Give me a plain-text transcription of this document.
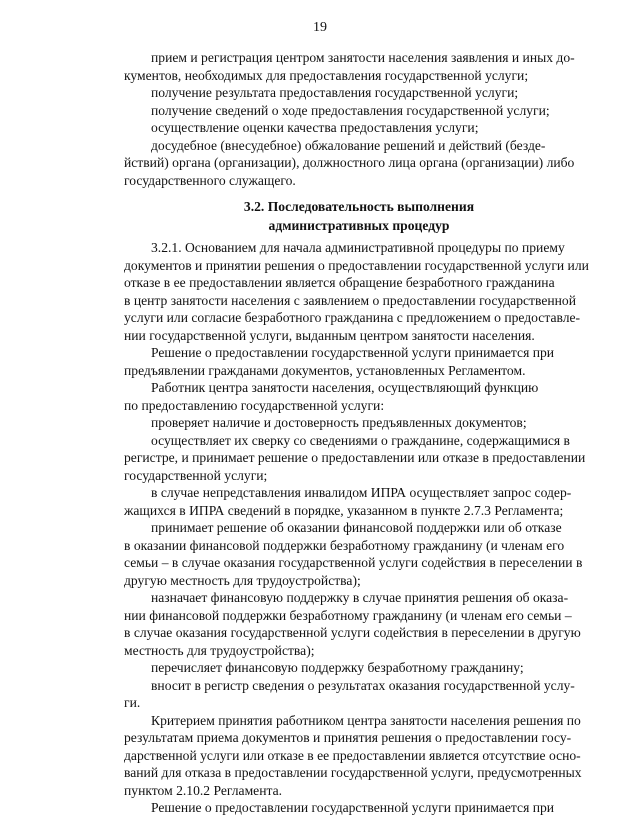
19
прием и регистрация центром занятости населения заявления и иных до-
кументов, необходимых для предоставления государственной услуги;
получение результата предоставления государственной услуги;
получение сведений о ходе предоставления государственной услуги;
осуществление оценки качества предоставления услуги;
досудебное (внесудебное) обжалование решений и действий (безде-
йствий) органа (организации), должностного лица органа (организации) либо
государственного служащего.
3.2. Последовательность выполнения
административных процедур
3.2.1. Основанием для начала административной процедуры по приему
документов и принятии решения о предоставлении государственной услуги или
отказе в ее предоставлении является обращение безработного гражданина
в центр занятости населения с заявлением о предоставлении государственной
услуги или согласие безработного гражданина с предложением о предоставле-
нии государственной услуги, выданным центром занятости населения.
Решение о предоставлении государственной услуги принимается при
предъявлении гражданами документов, установленных Регламентом.
Работник центра занятости населения, осуществляющий функцию
по предоставлению государственной услуги:
проверяет наличие и достоверность предъявленных документов;
осуществляет их сверку со сведениями о гражданине, содержащимися в
регистре, и принимает решение о предоставлении или отказе в предоставлении
государственной услуги;
в случае непредставления инвалидом ИПРА осуществляет запрос содер-
жащихся в ИПРА сведений в порядке, указанном в пункте 2.7.3 Регламента;
принимает решение об оказании финансовой поддержки или об отказе
в оказании финансовой поддержки безработному гражданину (и членам его
семьи – в случае оказания государственной услуги содействия в переселении в
другую местность для трудоустройства);
назначает финансовую поддержку в случае принятия решения об оказа-
нии финансовой поддержки безработному гражданину (и членам его семьи –
в случае оказания государственной услуги содействия в переселении в другую
местность для трудоустройства);
перечисляет финансовую поддержку безработному гражданину;
вносит в регистр сведения о результатах оказания государственной услу-
ги.
Критерием принятия работником центра занятости населения решения по
результатам приема документов и принятия решения о предоставлении госу-
дарственной услуги или отказе в ее предоставлении является отсутствие осно-
ваний для отказа в предоставлении государственной услуги, предусмотренных
пунктом 2.10.2 Регламента.
Решение о предоставлении государственной услуги принимается при
